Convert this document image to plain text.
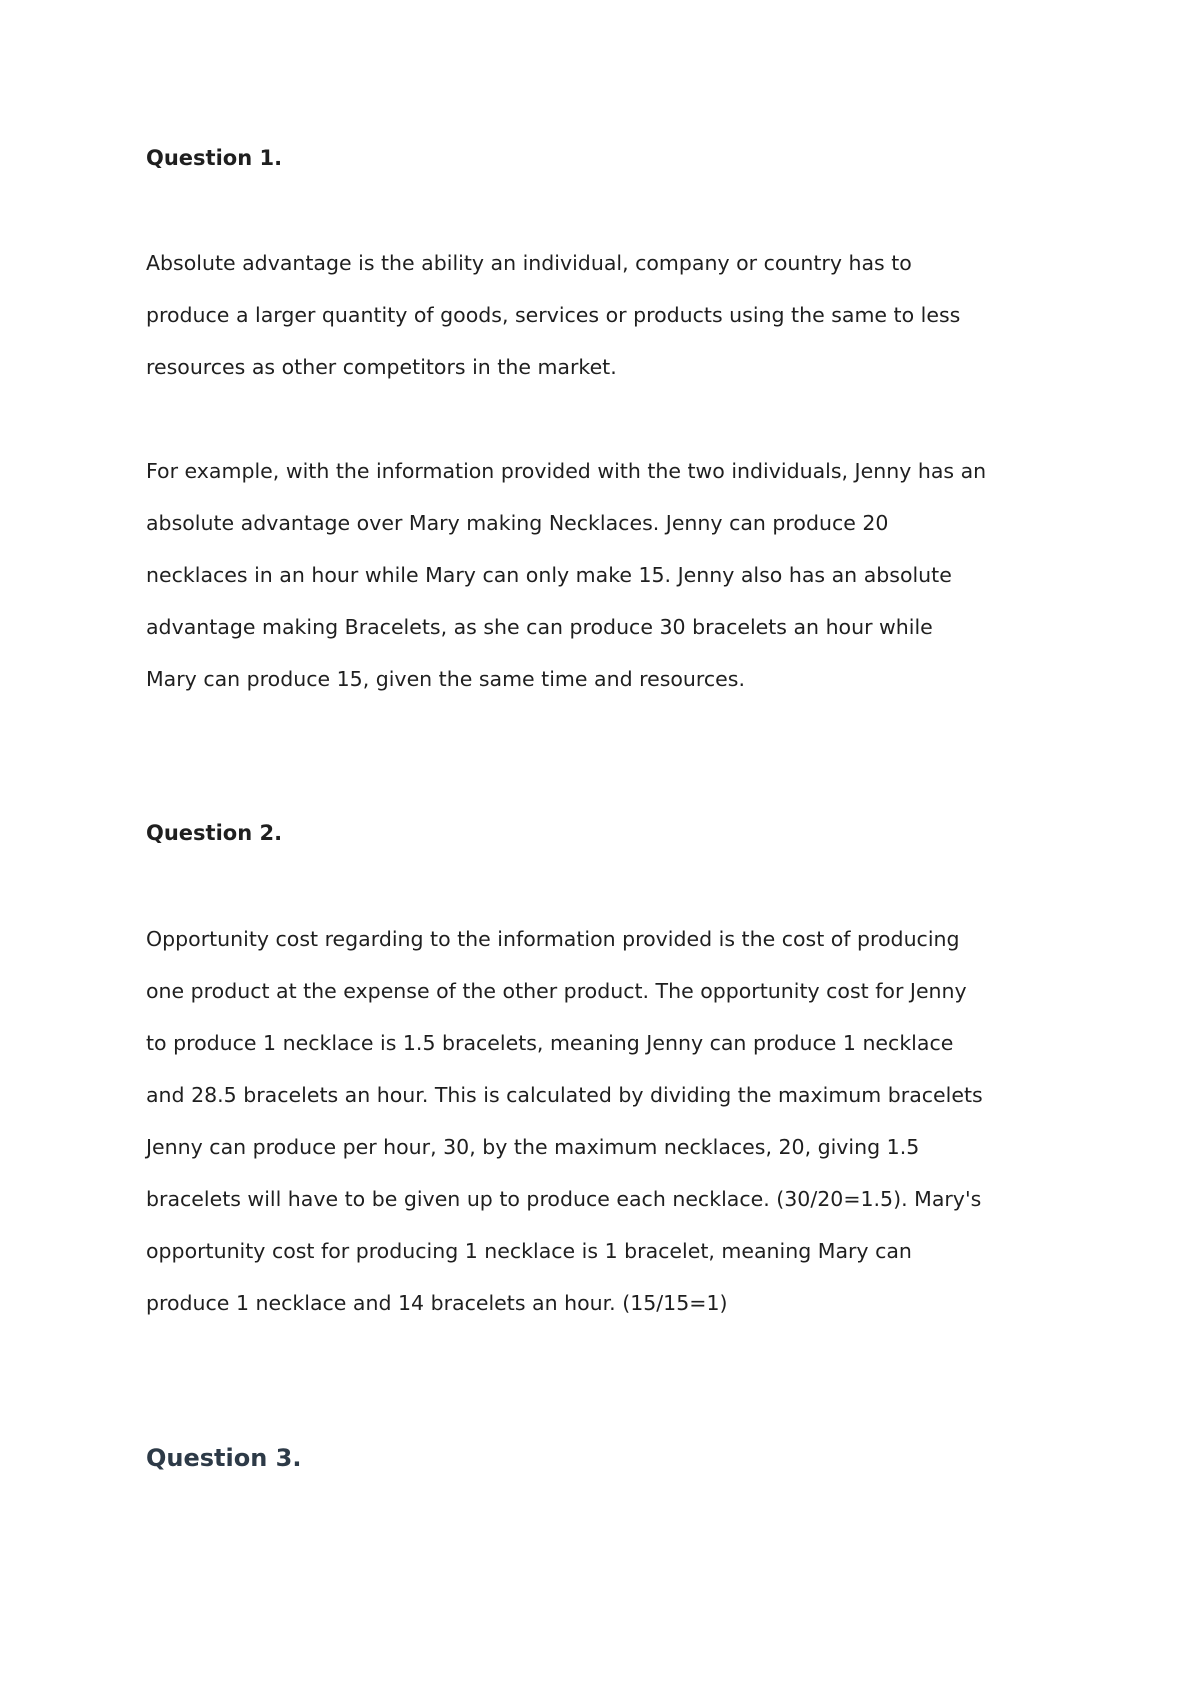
Question 1.

Absolute advantage is the ability an individual, company or country has to
produce a larger quantity of goods, services or products using the same to less
resources as other competitors in the market.

For example, with the information provided with the two individuals, Jenny has an
absolute advantage over Mary making Necklaces. Jenny can produce 20
necklaces in an hour while Mary can only make 15. Jenny also has an absolute
advantage making Bracelets, as she can produce 30 bracelets an hour while
Mary can produce 15, given the same time and resources.

Question 2.

Opportunity cost regarding to the information provided is the cost of producing
one product at the expense of the other product. The opportunity cost for Jenny
to produce 1 necklace is 1.5 bracelets, meaning Jenny can produce 1 necklace
and 28.5 bracelets an hour. This is calculated by dividing the maximum bracelets
Jenny can produce per hour, 30, by the maximum necklaces, 20, giving 1.5
bracelets will have to be given up to produce each necklace. (30/20=1.5). Mary's
opportunity cost for producing 1 necklace is 1 bracelet, meaning Mary can
produce 1 necklace and 14 bracelets an hour. (15/15=1)

Question 3.
